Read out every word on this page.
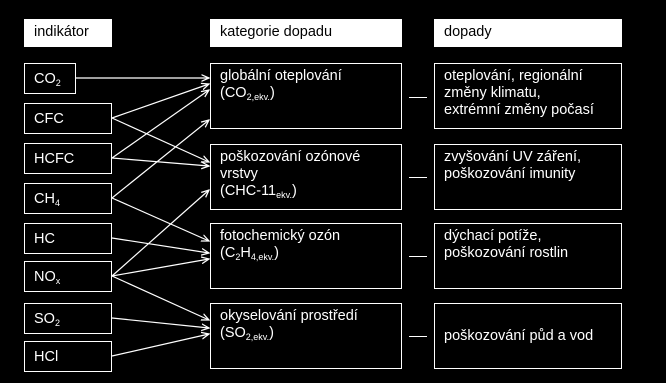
indikátor	kategorie dopadu	dopady
$CO_2$
CFC
HCFC
$CH_4$
HC
$NO_x$
$SO_2$
HCl
globální oteplování
$(CO_{2,ekv.})$
poškozování ozónové
vrstvy
$(CHC-11_{ekv.})$
fotochemický ozón
$(C_2H_{4,ekv.})$
okyselování prostředí
$(SO_{2,ekv.})$
oteplování, regionální
změny klimatu,
extrémní změny počasí
zvyšování UV záření,
poškozování imunity
dýchací potíže,
poškozování rostlin
poškozování půd a vod
